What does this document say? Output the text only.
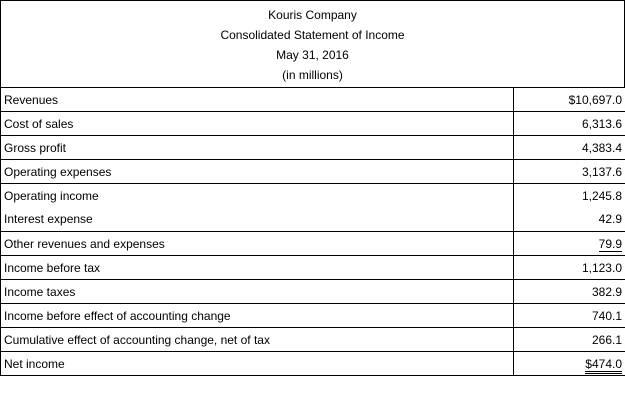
Kouris Company
Consolidated Statement of Income
May 31, 2016
(in millions)
Revenues	$10,697.0
Cost of sales	6,313.6
Gross profit	4,383.4
Operating expenses	3,137.6
Operating income	1,245.8
Interest expense	42.9
Other revenues and expenses	79.9
Income before tax	1,123.0
Income taxes	382.9
Income before effect of accounting change	740.1
Cumulative effect of accounting change, net of tax	266.1
Net income	$474.0
